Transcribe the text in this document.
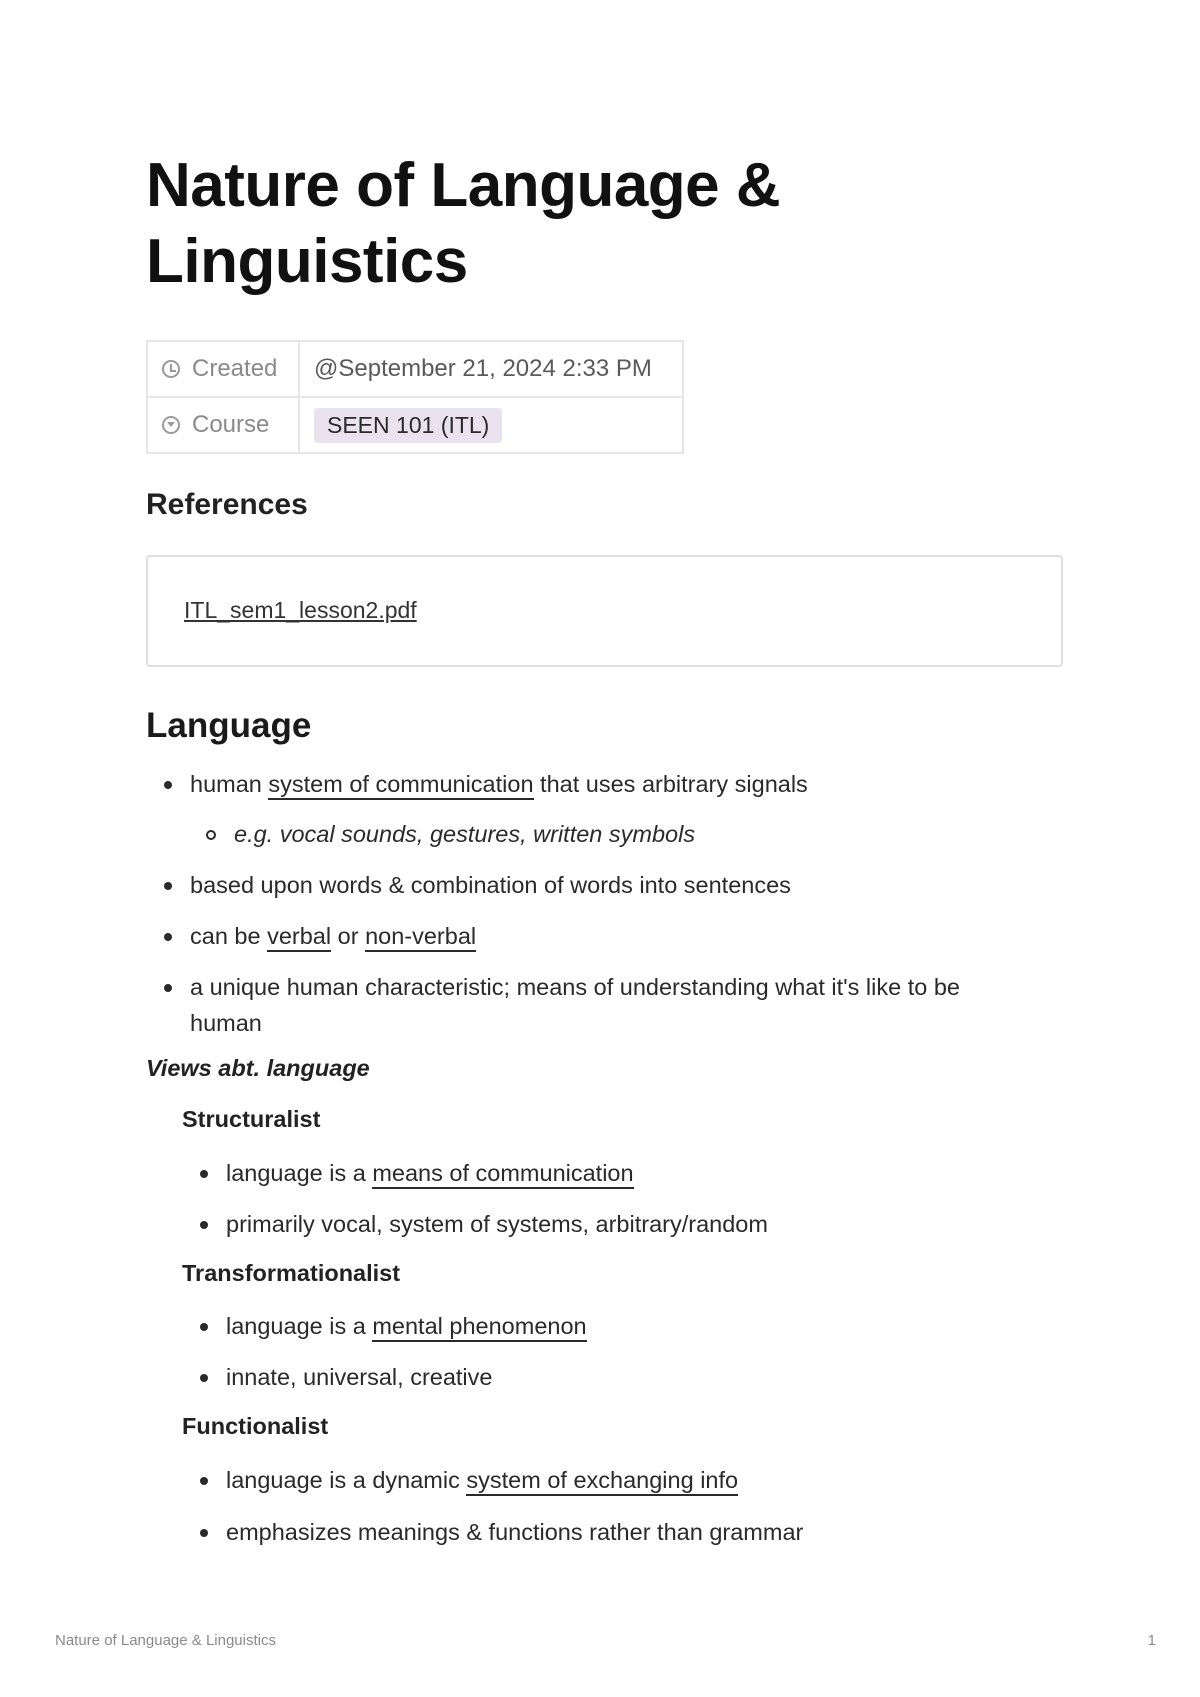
Nature of Language & Linguistics
Created	@September 21, 2024 2:33 PM
Course	SEEN 101 (ITL)
References
ITL_sem1_lesson2.pdf
Language
human system of communication that uses arbitrary signals
e.g. vocal sounds, gestures, written symbols
based upon words & combination of words into sentences
can be verbal or non-verbal
a unique human characteristic; means of understanding what it's like to be
human
Views abt. language
Structuralist
language is a means of communication
primarily vocal, system of systems, arbitrary/random
Transformationalist
language is a mental phenomenon
innate, universal, creative
Functionalist
language is a dynamic system of exchanging info
emphasizes meanings & functions rather than grammar
Nature of Language & Linguistics	1
